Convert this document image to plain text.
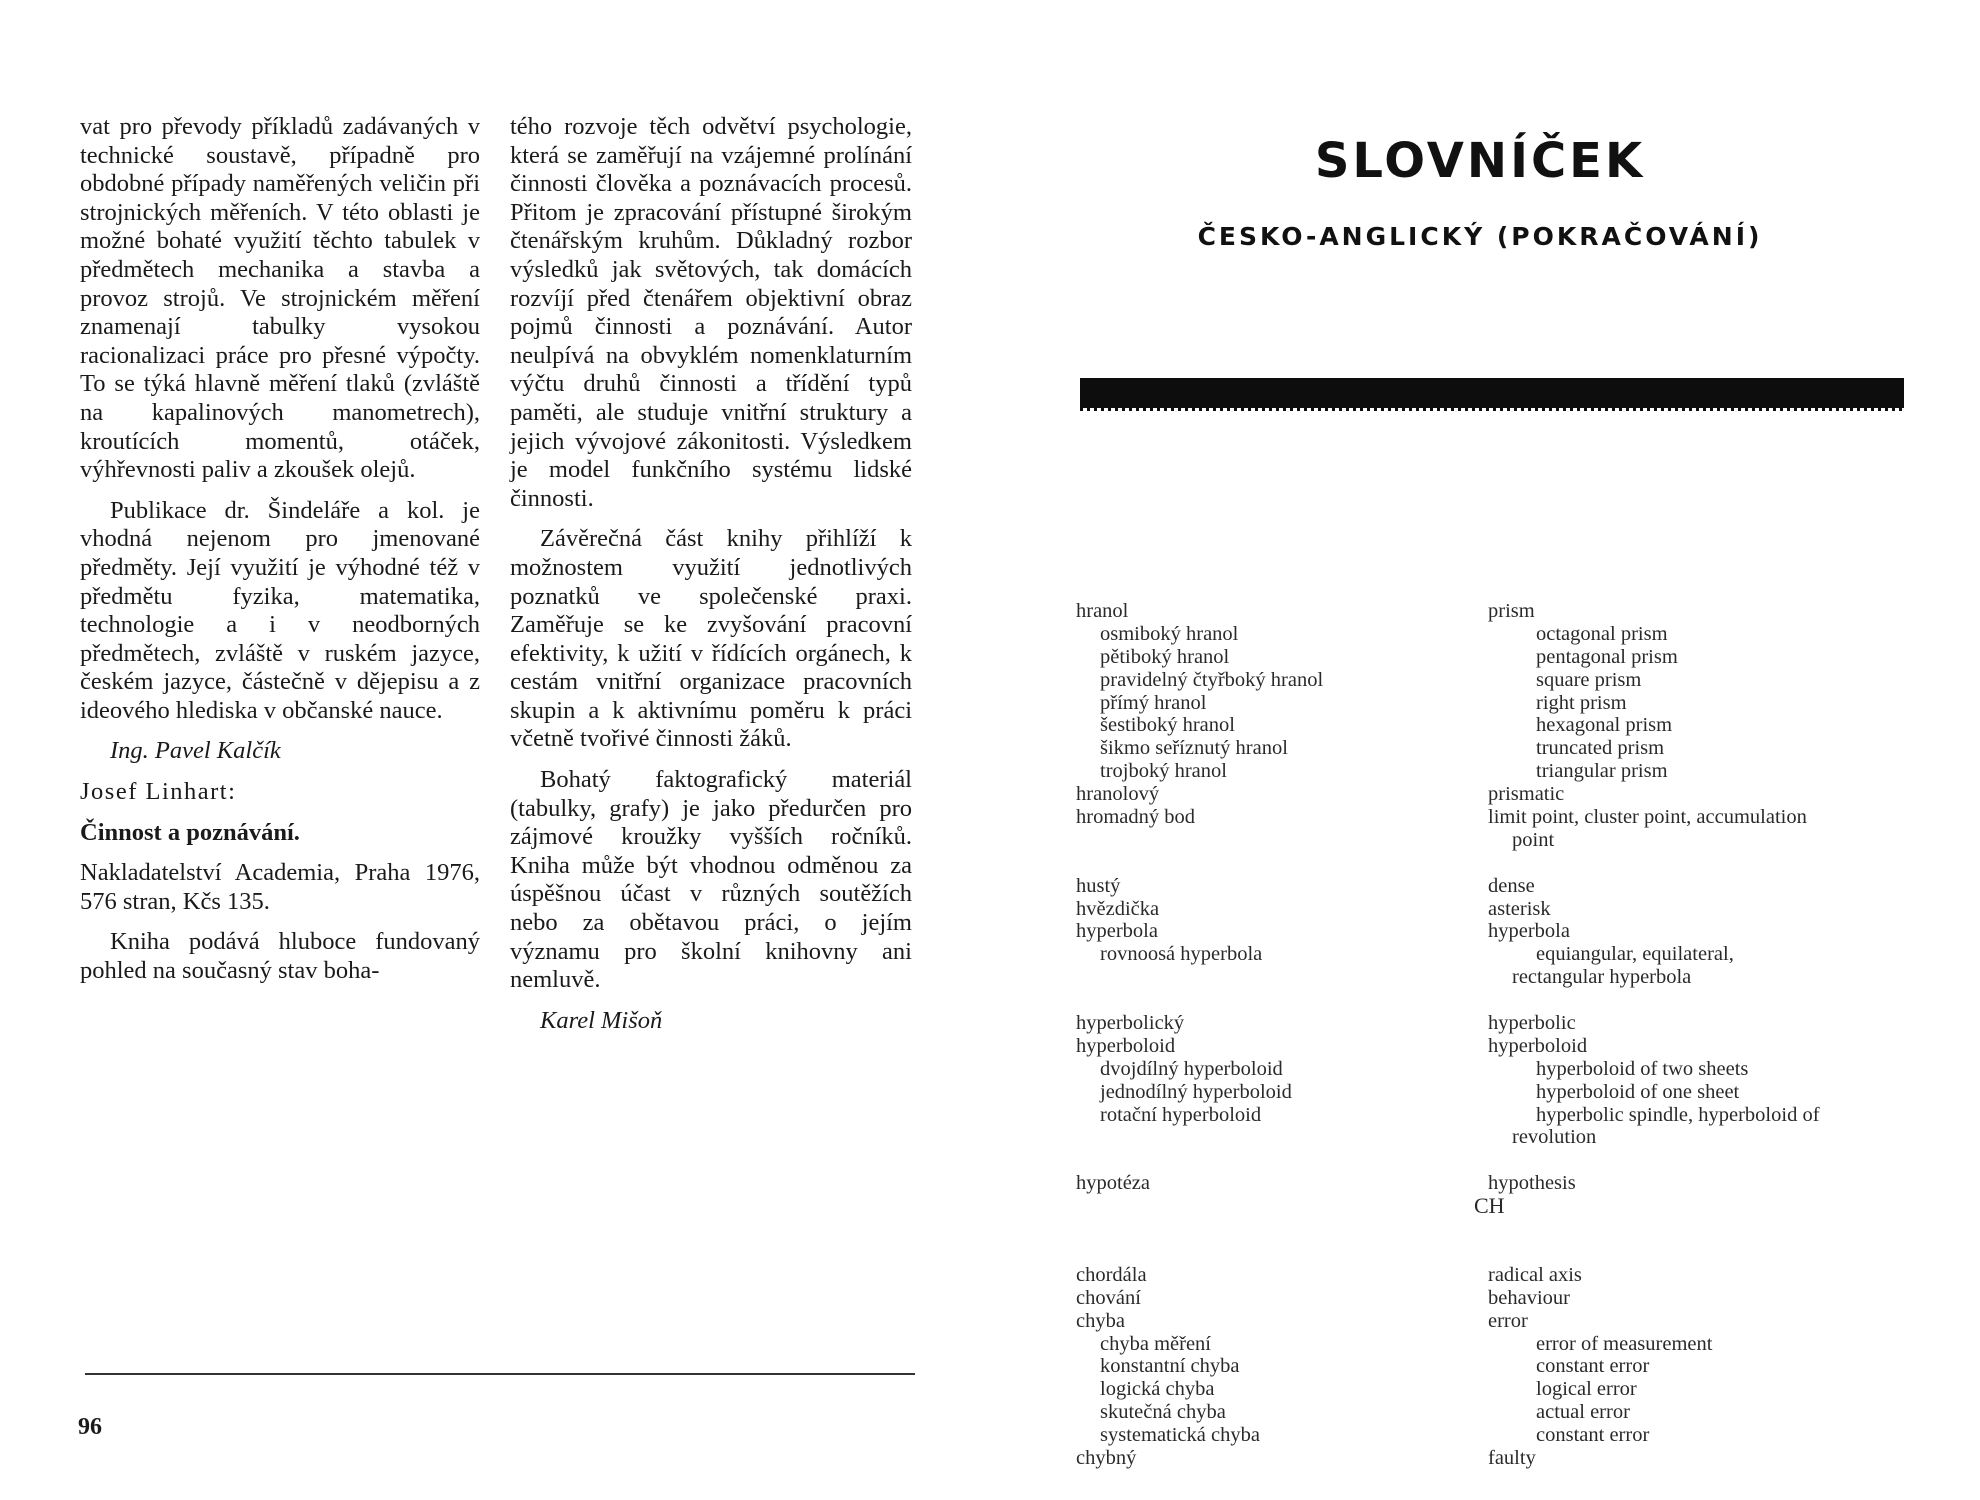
vat pro převody příkladů zadávaných v technické soustavě, případně pro obdobné případy naměřených veličin při strojnických měřeních. V této oblasti je možné bohaté využití těchto tabulek v předmětech mechanika a stavba a provoz strojů. Ve strojnickém měření znamenají tabulky vysokou racionalizaci práce pro přesné výpočty. To se týká hlavně měření tlaků (zvláště na kapalinových manometrech), kroutících momentů, otáček, výhřevnosti paliv a zkoušek olejů.

Publikace dr. Šindeláře a kol. je vhodná nejenom pro jmenované předměty. Její využití je výhodné též v předmětu fyzika, matematika, technologie a i v neodborných předmětech, zvláště v ruském jazyce, českém jazyce, částečně v dějepisu a z ideového hlediska v občanské nauce.

Ing. Pavel Kalčík

Josef Linhart:

Činnost a poznávání.

Nakladatelství Academia, Praha 1976, 576 stran, Kčs 135.

Kniha podává hluboce fundovaný pohled na současný stav boha-

tého rozvoje těch odvětví psychologie, která se zaměřují na vzájemné prolínání činnosti člověka a poznávacích procesů. Přitom je zpracování přístupné širokým čtenářským kruhům. Důkladný rozbor výsledků jak světových, tak domácích rozvíjí před čtenářem objektivní obraz pojmů činnosti a poznávání. Autor neulpívá na obvyklém nomenklaturním výčtu druhů činnosti a třídění typů paměti, ale studuje vnitřní struktury a jejich vývojové zákonitosti. Výsledkem je model funkčního systému lidské činnosti.

Závěrečná část knihy přihlíží k možnostem využití jednotlivých poznatků ve společenské praxi. Zaměřuje se ke zvyšování pracovní efektivity, k užití v řídících orgánech, k cestám vnitřní organizace pracovních skupin a k aktivnímu poměru k práci včetně tvořivé činnosti žáků.

Bohatý faktografický materiál (tabulky, grafy) je jako předurčen pro zájmové kroužky vyšších ročníků. Kniha může být vhodnou odměnou za úspěšnou účast v různých soutěžích nebo za obětavou práci, o jejím významu pro školní knihovny ani nemluvě.

Karel Mišoň

96
SLOVNÍČEK
ČESKO-ANGLICKÝ (POKRAČOVÁNÍ)
hranol	prism
osmiboký hranol	octagonal prism
pětiboký hranol	pentagonal prism
pravidelný čtyřboký hranol	square prism
přímý hranol	right prism
šestiboký hranol	hexagonal prism
šikmo seříznutý hranol	truncated prism
trojboký hranol	triangular prism
hranolový	prismatic
hromadný bod	limit point, cluster point, accumulation
point
hustý	dense
hvězdička	asterisk
hyperbola	hyperbola
rovnoosá hyperbola	equiangular, equilateral,
rectangular hyperbola
hyperbolický	hyperbolic
hyperboloid	hyperboloid
dvojdílný hyperboloid	hyperboloid of two sheets
jednodílný hyperboloid	hyperboloid of one sheet
rotační hyperboloid	hyperbolic spindle, hyperboloid of
revolution
hypotéza	hypothesis
CH
chordála	radical axis
chování	behaviour
chyba	error
chyba měření	error of measurement
konstantní chyba	constant error
logická chyba	logical error
skutečná chyba	actual error
systematická chyba	constant error
chybný	faulty
